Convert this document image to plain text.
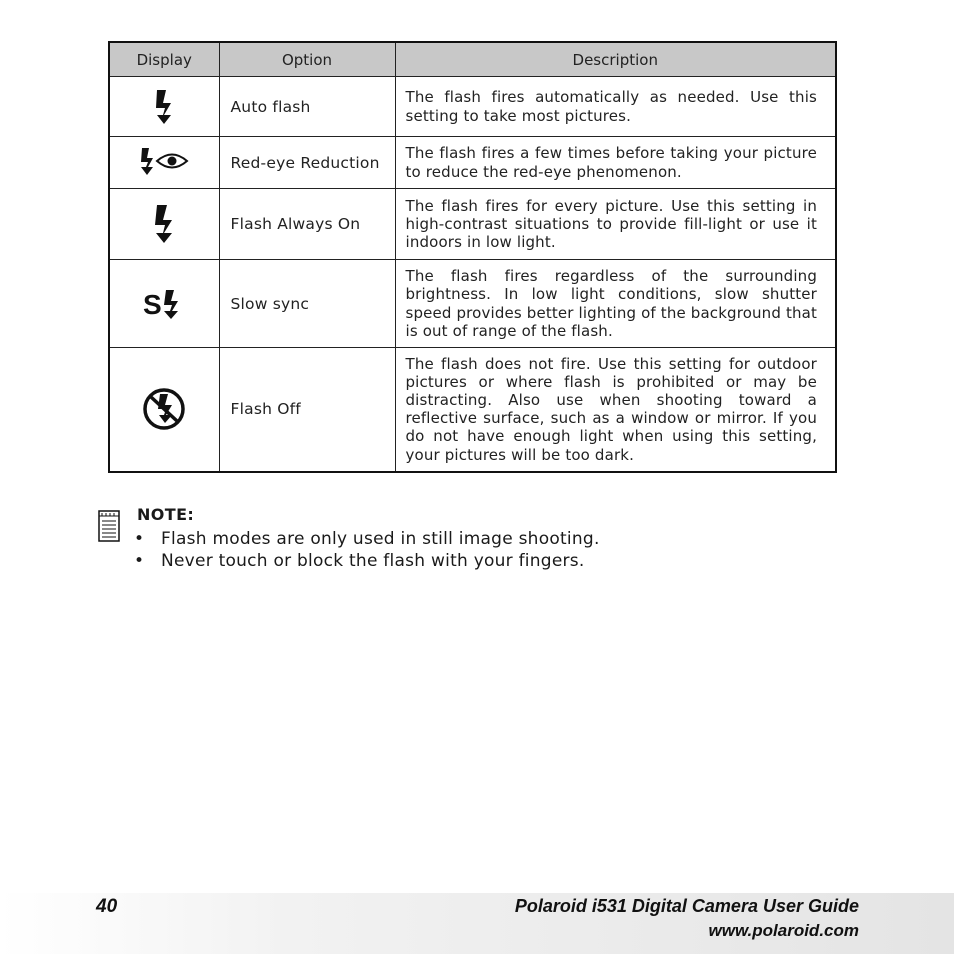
Display	Option	Description

	Auto flash	The flash fires automatically as needed. Use this setting to take most pictures.

	Red-eye Reduction	The flash fires a few times before taking your picture to reduce the red-eye phenomenon.

	Flash Always On	The flash fires for every picture. Use this setting in high-contrast situations to provide fill-light or use it indoors in low light.

S	Slow sync	The flash fires regardless of the surrounding brightness. In low light conditions, slow shutter speed provides better lighting of the background that is out of range of the flash.

	Flash Off	The flash does not fire. Use this setting for outdoor pictures or where flash is prohibited or may be distracting. Also use when shooting toward a reflective surface, such as a window or mirror. If you do not have enough light when using this setting, your pictures will be too dark.
NOTE:
• Flash modes are only used in still image shooting.
• Never touch or block the flash with your fingers.
40	Polaroid i531 Digital Camera User Guide
www.polaroid.com
